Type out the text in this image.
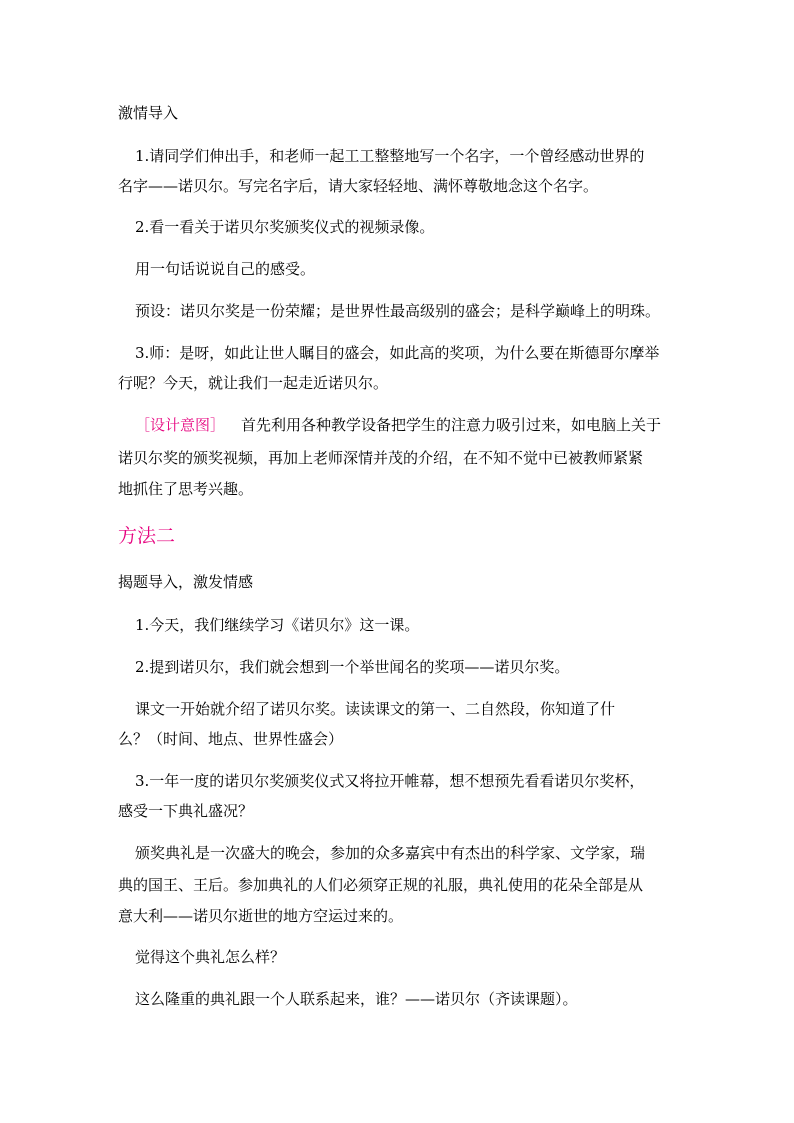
激情导入
1.请同学们伸出手，和老师一起工工整整地写一个名字，一个曾经感动世界的
名字——诺贝尔。写完名字后，请大家轻轻地、满怀尊敬地念这个名字。
2.看一看关于诺贝尔奖颁奖仪式的视频录像。
用一句话说说自己的感受。
预设：诺贝尔奖是一份荣耀；是世界性最高级别的盛会；是科学巅峰上的明珠。
3.师：是呀，如此让世人瞩目的盛会，如此高的奖项，为什么要在斯德哥尔摩举
行呢？今天，就让我们一起走近诺贝尔。
［设计意图］ 首先利用各种教学设备把学生的注意力吸引过来，如电脑上关于
诺贝尔奖的颁奖视频，再加上老师深情并茂的介绍，在不知不觉中已被教师紧紧
地抓住了思考兴趣。
方法二
揭题导入，激发情感
1.今天，我们继续学习《诺贝尔》这一课。
2.提到诺贝尔，我们就会想到一个举世闻名的奖项——诺贝尔奖。
课文一开始就介绍了诺贝尔奖。读读课文的第一、二自然段，你知道了什
么？（时间、地点、世界性盛会）
3.一年一度的诺贝尔奖颁奖仪式又将拉开帷幕，想不想预先看看诺贝尔奖杯，
感受一下典礼盛况？
颁奖典礼是一次盛大的晚会，参加的众多嘉宾中有杰出的科学家、文学家，瑞
典的国王、王后。参加典礼的人们必须穿正规的礼服，典礼使用的花朵全部是从
意大利——诺贝尔逝世的地方空运过来的。
觉得这个典礼怎么样？
这么隆重的典礼跟一个人联系起来，谁？——诺贝尔（齐读课题）。
